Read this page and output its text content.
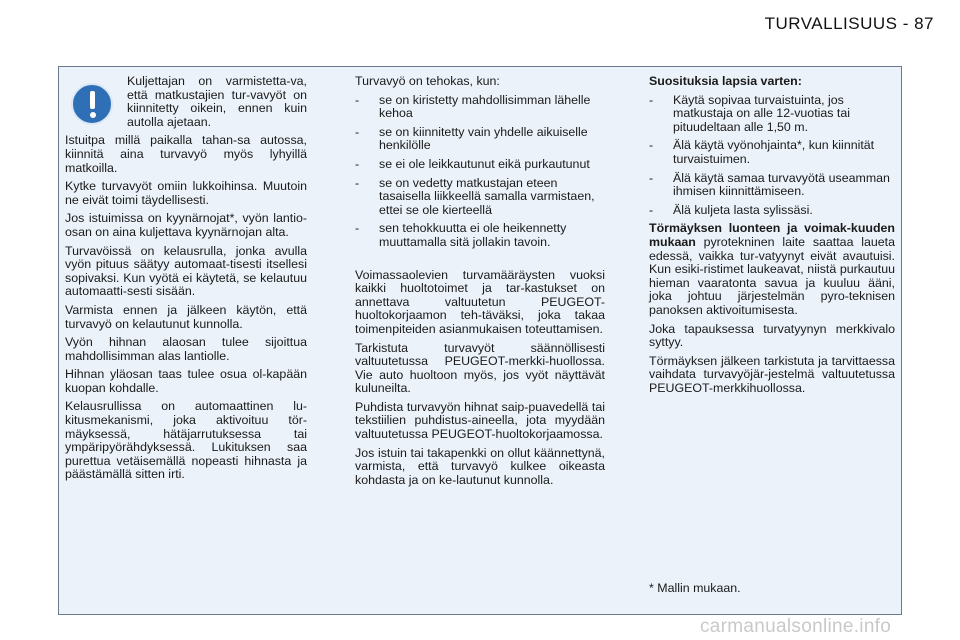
TURVALLISUUS - 87

Kuljettajan on varmistetta-va, että matkustajien tur-vavyöt on kiinnitetty oikein, ennen kuin autolla ajetaan.

Istuitpa millä paikalla tahan-sa autossa, kiinnitä aina turvavyö myös lyhyillä matkoilla.

Kytke turvavyöt omiin lukkoihinsa. Muutoin ne eivät toimi täydellisesti.

Jos istuimissa on kyynärnojat*, vyön lantio-osan on aina kuljettava kyynärnojan alta.

Turvavöissä on kelausrulla, jonka avulla vyön pituus säätyy automaat-tisesti itsellesi sopivaksi. Kun vyötä ei käytetä, se kelautuu automaatti-sesti sisään.

Varmista ennen ja jälkeen käytön, että turvavyö on kelautunut kunnolla.

Vyön hihnan alaosan tulee sijoittua mahdollisimman alas lantiolle.

Hihnan yläosan taas tulee osua ol-kapään kuopan kohdalle.

Kelausrullissa on automaattinen lu-kitusmekanismi, joka aktivoituu tör-mäyksessä, hätäjarrutuksessa tai ympäripyörähdyksessä. Lukituksen saa purettua vetäisemällä nopeasti hihnasta ja päästämällä sitten irti.

Turvavyö on tehokas, kun:

- se on kiristetty mahdollisimman lähelle kehoa
- se on kiinnitetty vain yhdelle aikuiselle henkilölle
- se ei ole leikkautunut eikä purkautunut
- se on vedetty matkustajan eteen tasaisella liikkeellä samalla varmistaen, ettei se ole kierteellä
- sen tehokkuutta ei ole heikennetty muuttamalla sitä jollakin tavoin.

Voimassaolevien turvamääräysten vuoksi kaikki huoltotoimet ja tar-kastukset on annettava valtuutetun PEUGEOT-huoltokorjaamon teh-täväksi, joka takaa toimenpiteiden asianmukaisen toteuttamisen.

Tarkistuta turvavyöt säännöllisesti valtuutetussa PEUGEOT-merkki-huollossa. Vie auto huoltoon myös, jos vyöt näyttävät kuluneilta.

Puhdista turvavyön hihnat saip-puavedellä tai tekstiilien puhdistus-aineella, jota myydään valtuutetussa PEUGEOT-huoltokorjaamossa.

Jos istuin tai takapenkki on ollut käännettynä, varmista, että turvavyö kulkee oikeasta kohdasta ja on ke-lautunut kunnolla.

Suosituksia lapsia varten:

- Käytä sopivaa turvaistuinta, jos matkustaja on alle 12-vuotias tai pituudeltaan alle 1,50 m.
- Älä käytä vyönohjainta*, kun kiinnität turvaistuimen.
- Älä käytä samaa turvavyötä useamman ihmisen kiinnittämiseen.
- Älä kuljeta lasta sylissäsi.

Törmäyksen luonteen ja voimak-kuuden mukaan pyrotekninen laite saattaa laueta edessä, vaikka tur-vatyynyt eivät avautuisi. Kun esiki-ristimet laukeavat, niistä purkautuu hieman vaaratonta savua ja kuuluu ääni, joka johtuu järjestelmän pyro-teknisen panoksen aktivoitumisesta.

Joka tapauksessa turvatyynyn merkkivalo syttyy.

Törmäyksen jälkeen tarkistuta ja tarvittaessa vaihdata turvavyöjär-jestelmä valtuutetussa PEUGEOT-merkkihuollossa.

* Mallin mukaan.
carmanualsonline.info
